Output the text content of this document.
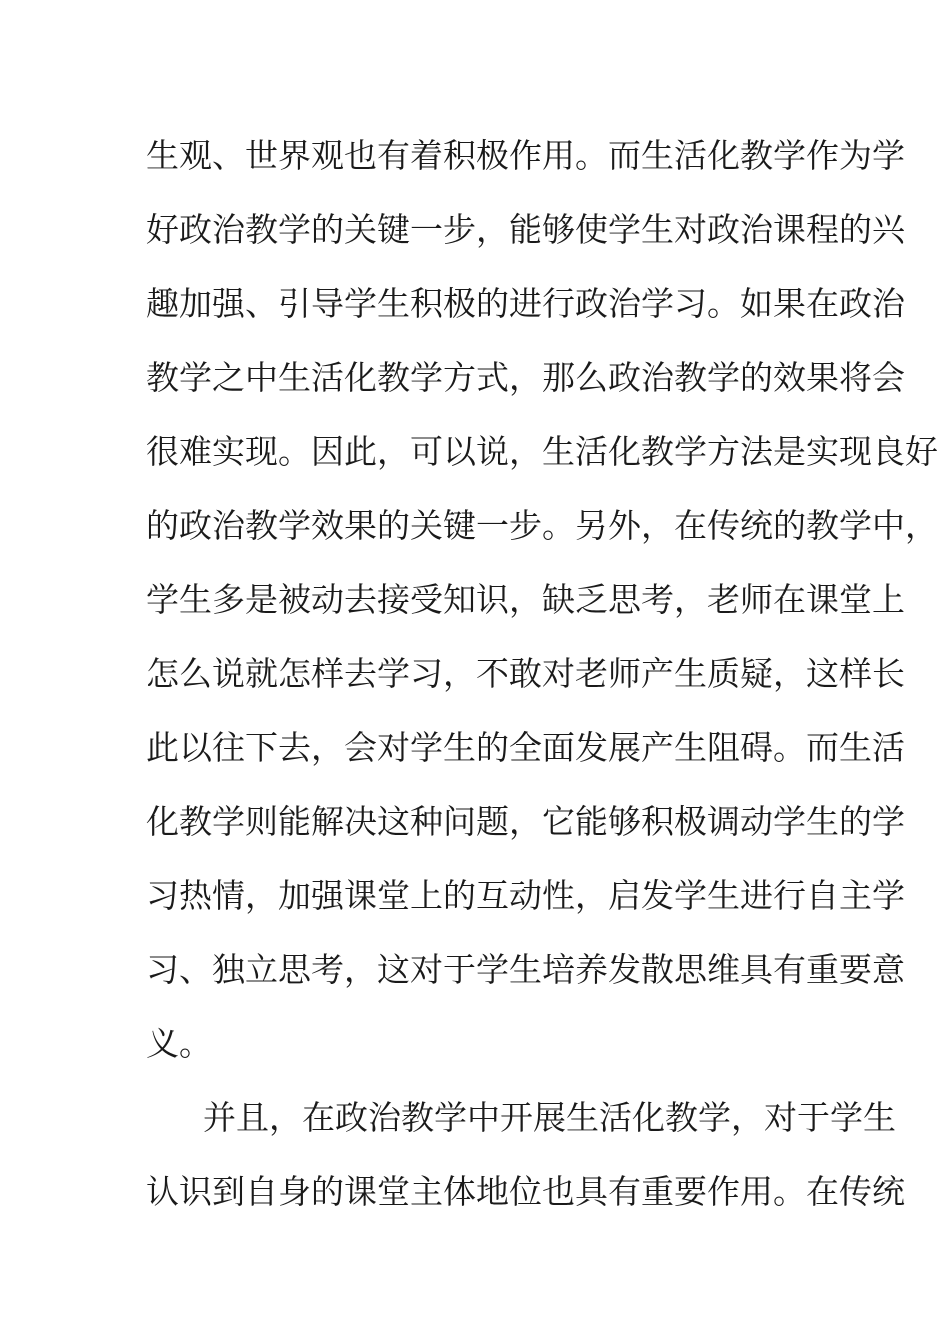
生观、世界观也有着积极作用。而生活化教学作为学
好政治教学的关键一步，能够使学生对政治课程的兴
趣加强、引导学生积极的进行政治学习。如果在政治
教学之中生活化教学方式，那么政治教学的效果将会
很难实现。因此，可以说，生活化教学方法是实现良好
的政治教学效果的关键一步。另外，在传统的教学中，
学生多是被动去接受知识，缺乏思考，老师在课堂上
怎么说就怎样去学习，不敢对老师产生质疑，这样长
此以往下去，会对学生的全面发展产生阻碍。而生活
化教学则能解决这种问题，它能够积极调动学生的学
习热情，加强课堂上的互动性，启发学生进行自主学
习、独立思考，这对于学生培养发散思维具有重要意
义。
并且，在政治教学中开展生活化教学，对于学生
认识到自身的课堂主体地位也具有重要作用。在传统
